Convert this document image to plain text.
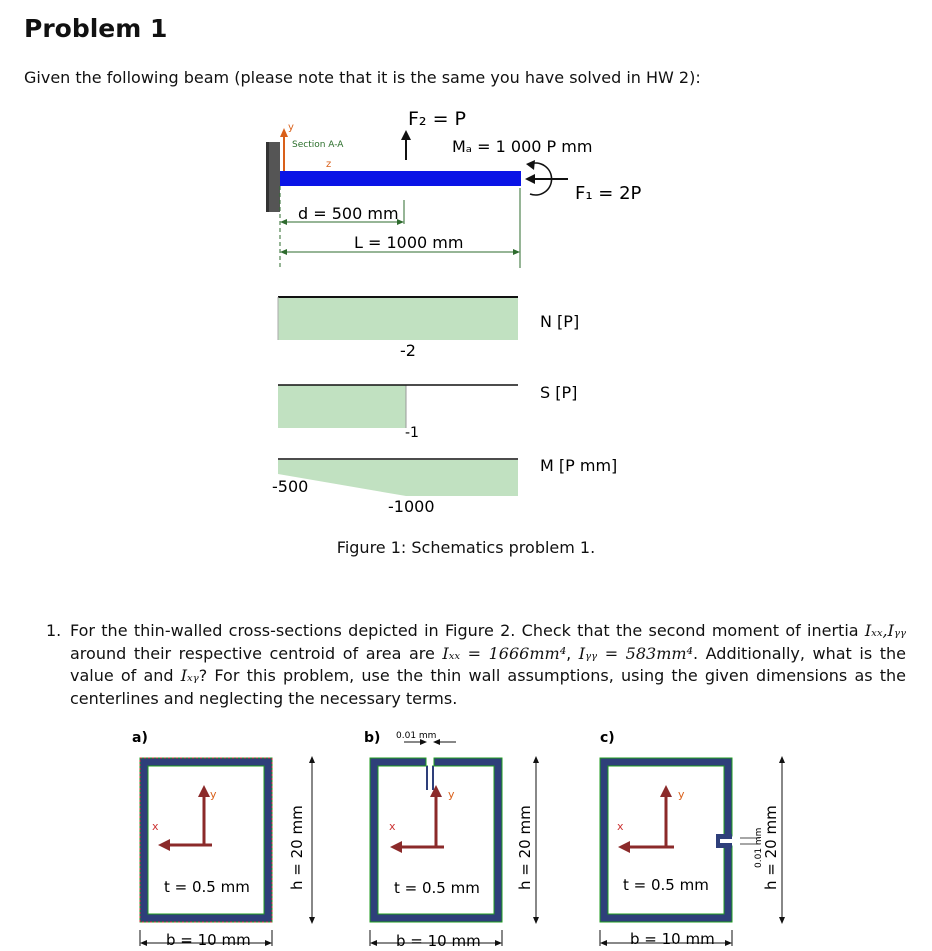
Problem 1
Given the following beam (please note that it is the same you have solved in HW 2):
y
Section A-A
z
F₂ = P
Mₐ = 1 000 P mm
F₁ = 2P
d = 500 mm
L = 1000 mm
N [P]
-2
S [P]
-1
M [P mm]
-500
-1000
Figure 1: Schematics problem 1.
1. For the thin-walled cross-sections depicted in Figure 2. Check that the second moment of inertia Iₓₓ,Iᵧᵧ around their respective centroid of area are Iₓₓ = 1666mm⁴, Iᵧᵧ = 583mm⁴. Additionally, what is the value of and Iₓᵧ? For this problem, use the thin wall assumptions, using the given dimensions as the centerlines and neglecting the necessary terms.
a)
x
y
t = 0.5 mm
b = 10 mm
h = 20 mm
b) 0.01 mm
x
y
t = 0.5 mm
b = 10 mm
h = 20 mm
c)
x
y
t = 0.5 mm
b = 10 mm
0.01 mm
h = 20 mm
